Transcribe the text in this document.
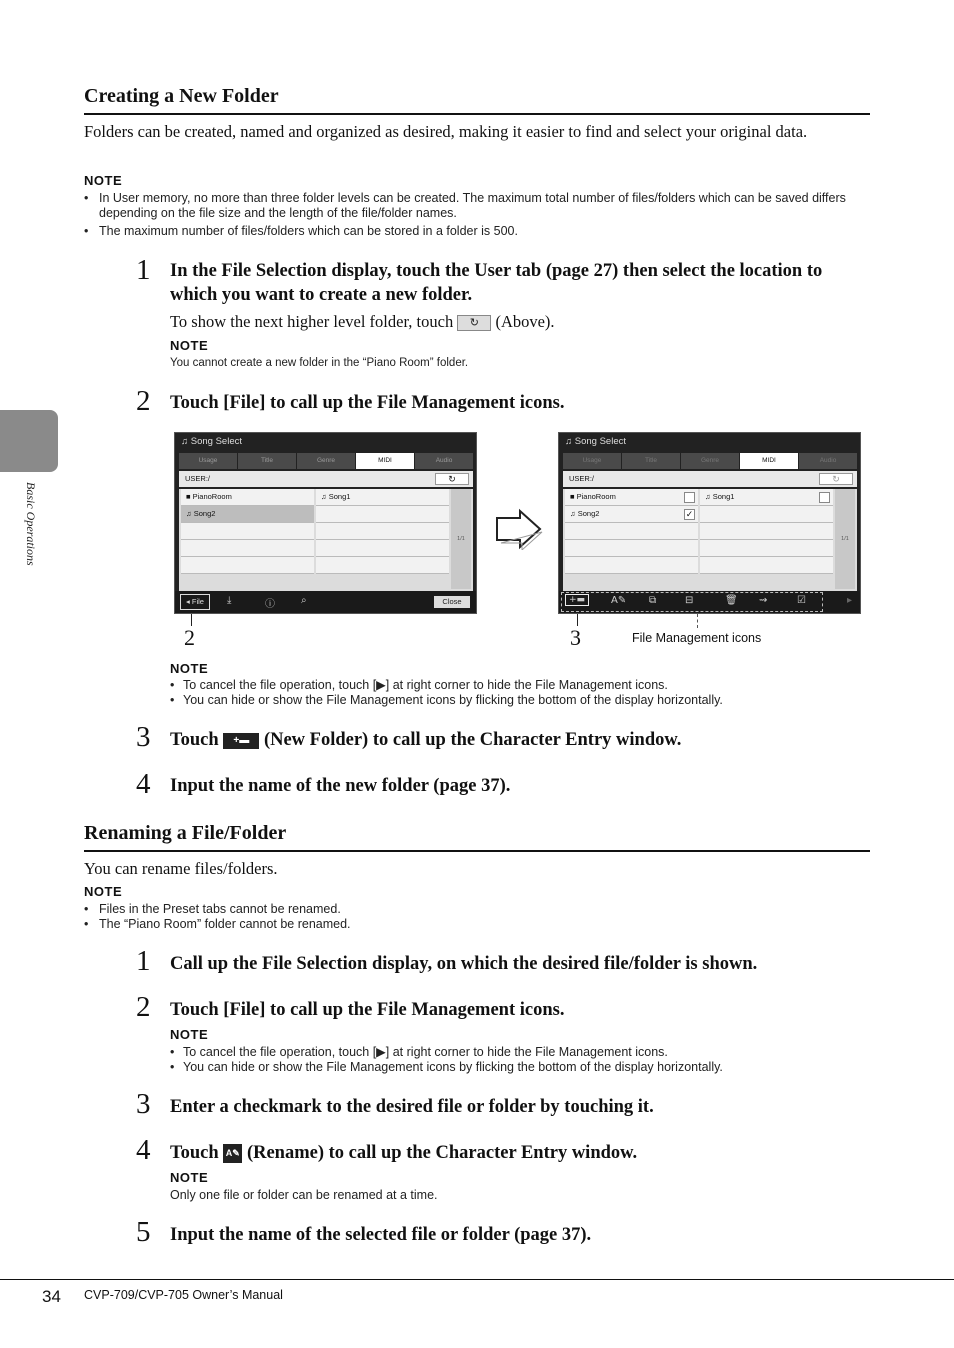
Basic Operations
Creating a New Folder
Folders can be created, named and organized as desired, making it easier to find and select your original data.
NOTE
• In User memory, no more than three folder levels can be created. The maximum total number of files/folders which can be saved differs depending on the file size and the length of the file/folder names.
• The maximum number of files/folders which can be stored in a folder is 500.
1 In the File Selection display, touch the User tab (page 27) then select the location to which you want to create a new folder.
To show the next higher level folder, touch ↻ (Above).
NOTE
You cannot create a new folder in the “Piano Room” folder.
2 Touch [File] to call up the File Management icons.
♫ Song Select
Usage	Title	Genre	MIDI	Audio
USER:/	↻
■ PianoRoom
♫ Song2
♫ Song1
1/1
◂ File	⤓	ⓘ	⌕	Close
2
♫ Song Select
Usage	Title	Genre	MIDI	Audio
USER:/	↻
■ PianoRoom
♫ Song2	✓
♫ Song1
1/1
+▬	A✎ ⧉	⊟	🗑 ⇝	☑	▸
3	File Management icons
NOTE
• To cancel the file operation, touch [▶] at right corner to hide the File Management icons.
• You can hide or show the File Management icons by flicking the bottom of the display horizontally.
3 Touch +▬ (New Folder) to call up the Character Entry window.
4 Input the name of the new folder (page 37).
Renaming a File/Folder
You can rename files/folders.
NOTE
• Files in the Preset tabs cannot be renamed.
• The “Piano Room” folder cannot be renamed.
1 Call up the File Selection display, on which the desired file/folder is shown.
2 Touch [File] to call up the File Management icons.
NOTE
• To cancel the file operation, touch [▶] at right corner to hide the File Management icons.
• You can hide or show the File Management icons by flicking the bottom of the display horizontally.
3 Enter a checkmark to the desired file or folder by touching it.
4 Touch A✎ (Rename) to call up the Character Entry window.
NOTE
Only one file or folder can be renamed at a time.
5 Input the name of the selected file or folder (page 37).
34 CVP-709/CVP-705 Owner’s Manual
